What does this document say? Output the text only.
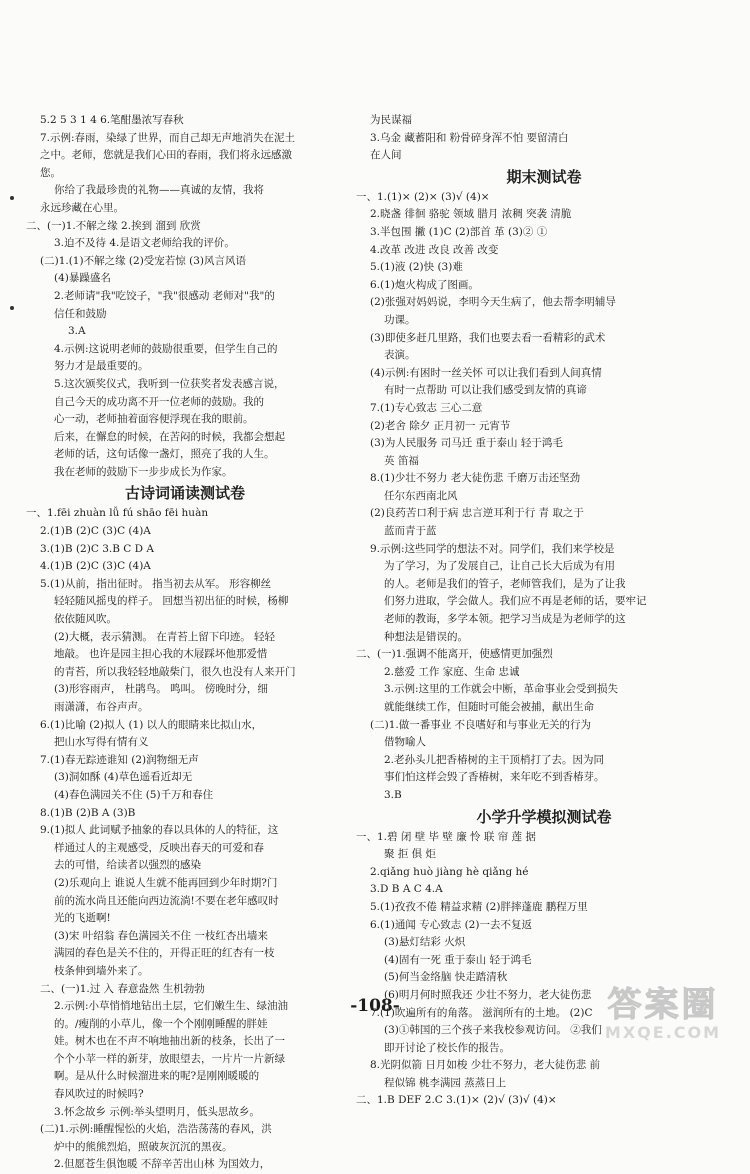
5.2 5 3 1 4 6.笔酣墨浓写春秋
7.示例:春雨，染绿了世界，而自己却无声地消失在泥土
之中。老师，您就是我们心田的春雨，我们将永远感激
您。
你给了我最珍贵的礼物——真诚的友情，我将
永远珍藏在心里。
二、(一)1.不解之缘 2.挨到 溜到 欣赏
3.迫不及待 4.是语文老师给我的评价。
(二)1.(1)不解之缘 (2)受宠若惊 (3)风言风语
(4)暴躁盛名
2.老师请"我"吃饺子，"我"很感动 老师对"我"的
信任和鼓励
3.A
4.示例:这说明老师的鼓励很重要，但学生自己的
努力才是最重要的。
5.这次颁奖仪式，我听到一位获奖者发表感言说，
自己今天的成功离不开一位老师的鼓励。我的
心一动，老师抽着面容便浮现在我的眼前。
后来，在懈怠的时候，在苦闷的时候，我都会想起
老师的话，这句话像一盏灯，照亮了我的人生。
我在老师的鼓励下一步步成长为作家。
古诗词诵读测试卷
一、1.fēi zhuàn lǚ fú shāo fēi huàn
2.(1)B (2)C (3)C (4)A
3.(1)B (2)C 3.B C D A
4.(1)B (2)C (3)C (4)A
5.(1)从前，指出征时。 指当初去从军。 形容柳丝
轻轻随风摇曳的样子。 回想当初出征的时候，杨柳
依依随风吹。
(2)大概，表示猜测。 在青苔上留下印迹。 轻轻
地敲。 也许是园主担心我的木屐踩坏他那爱惜
的青苔，所以我轻轻地敲柴门，很久也没有人来开门
(3)形容雨声， 杜鹃鸟。 鸣叫。 傍晚时分，细
雨潇潇，布谷声声。
6.(1)比喻 (2)拟人 (1) 以人的眼睛来比拟山水，
把山水写得有情有义
7.(1)春无踪迹谁知 (2)润物细无声
(3)洞如酥 (4)草色遥看近却无
(4)春色满园关不住 (5)千万和春住
8.(1)B (2)B A (3)B
9.(1)拟人 此词赋予抽象的春以具体的人的特征，这
样通过人的主观感受，反映出春天的可爱和春
去的可惜，给读者以强烈的感染
(2)乐观向上 谁说人生就不能再回到少年时期?门
前的流水尚且还能向西边流淌!不要在老年感叹时
光的飞逝啊!
(3)宋 叶绍翁 春色满园关不住 一枝红杏出墙来
满园的春色是关不住的，开得正旺的红杏有一枝
枝条伸到墙外来了。
二、(一)1.过 入 春意盎然 生机勃勃
2.示例:小草悄悄地钻出土层，它们嫩生生、绿油油
的。/瘦削的小草儿，像一个个刚刚睡醒的胖娃
娃。树木也在不声不响地抽出新的枝条，长出了一
个个小苹一样的新芽，放眼望去，一片片一片新绿
啊。是从什么时候溜进来的呢?是刚刚暖暖的
春风吹过的时候吗?
3.怀念故乡 示例:举头望明月，低头思故乡。
(二)1.示例:睡醒惺忪的火焰，浩浩荡荡的春风，洪
炉中的熊熊烈焰，照破灰沉沉的黑夜。
2.但愿苍生俱饱暖 不辞辛苦出山林 为国效力，
为民谋福
3.乌金 藏蓄阳和 粉骨碎身浑不怕 要留清白
在人间
期末测试卷
一、1.(1)× (2)× (3)√ (4)×
2.晓盏 徘徊 骆驼 领域 腊月 浓稠 突袭 清脆
3.半包围 撇 (1)C (2)部首 革 (3)② ①
4.改革 改进 改良 改善 改变
5.(1)液 (2)快 (3)难
6.(1)炮火构成了图画。
(2)张强对妈妈说，李明今天生病了，他去帮李明辅导
功课。
(3)即使多赶几里路，我们也要去看一看精彩的武术
表演。
(4)示例:有困时一丝关怀 可以让我们看到人间真情
有时一点帮助 可以让我们感受到友情的真谛
7.(1)专心致志 三心二意
(2)老舍 除夕 正月初一 元宵节
(3)为人民服务 司马迁 重于泰山 轻于鸿毛
英 笛福
8.(1)少壮不努力 老大徒伤悲 千磨万击还坚劲
任尔东西南北风
(2)良药苦口利于病 忠言逆耳利于行 青 取之于
蓝而青于蓝
9.示例:这些同学的想法不对。同学们，我们来学校是
为了学习，为了发展自己，让自己长大后成为有用
的人。老师是我们的管子，老师管我们，是为了让我
们努力进取，学会做人。我们应不再是老师的话，要牢记
老师的教诲，多学本领。把学习当成是为老师学的这
种想法是错误的。
二、(一)1.强调不能离开，使感情更加强烈
2.慈爱 工作 家庭、生命 忠诚
3.示例:这里的工作就会中断，革命事业会受到损失
就能继续工作，但随时可能会被捕，献出生命
(二)1.做一番事业 不良嗜好和与事业无关的行为
借物喻人
2.老孙头儿把香椿树的主干顶梢打了去。因为同
事们怕这样会毁了香椿树，来年吃不到香椿芽。
3.B
小学升学模拟测试卷
一、1.碧 闭 壁 毕 壁 廉 怜 联 帘 莲 据
聚 拒 俱 炬
2.qiǎng huò jiàng hè qiǎng hé
3.D B A C 4.A
5.(1)孜孜不倦 精益求精 (2)胖摔蓬鹿 鹏程万里
6.(1)通闻 专心致志 (2)一去不复返
(3)悬灯结彩 火炽
(4)固有一死 重于泰山 轻于鸿毛
(5)何当金络脑 快走踏清秋
(6)明月何时照我还 少壮不努力，老大徒伤悲
7.(1)吹遍所有的角落。 滋润所有的土地。 (2)C
(3)①韩国的三个孩子来我校参观访问。 ②我们
即开讨论了校长作的报告。
8.光阴似箭 日月如梭 少壮不努力，老大徒伤悲 前
程似锦 桃李满园 蒸蒸日上
二、1.B DEF 2.C 3.(1)× (2)√ (3)√ (4)×
-108-	答案圈
MXQE.COM
